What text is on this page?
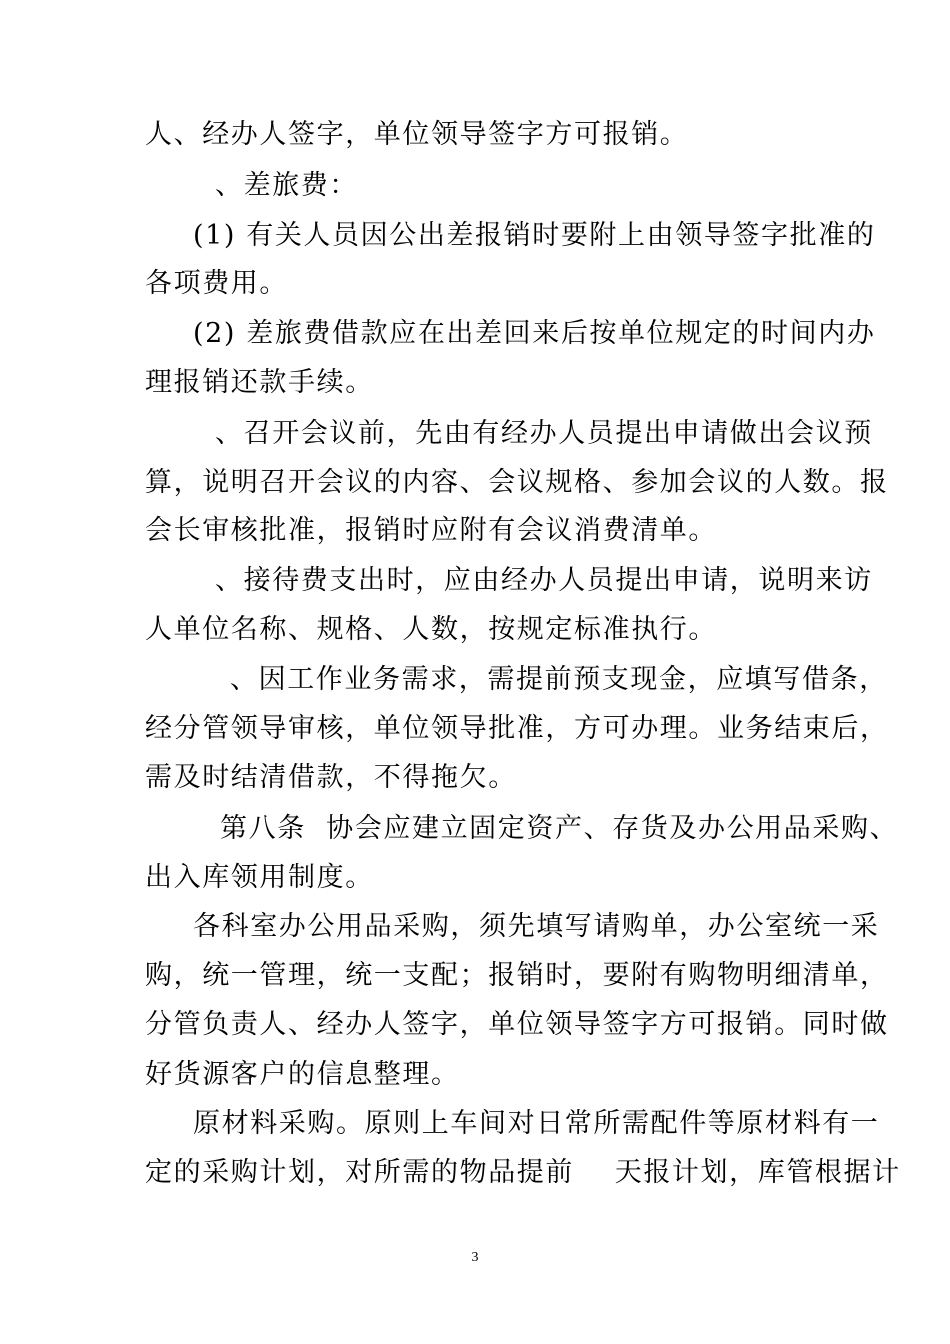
人、经办人签字，单位领导签字方可报销。
、差旅费：
(1) 有关人员因公出差报销时要附上由领导签字批准的
各项费用。
(2) 差旅费借款应在出差回来后按单位规定的时间内办
理报销还款手续。
、召开会议前，先由有经办人员提出申请做出会议预
算，说明召开会议的内容、会议规格、参加会议的人数。报
会长审核批准，报销时应附有会议消费清单。
、接待费支出时，应由经办人员提出申请，说明来访
人单位名称、规格、人数，按规定标准执行。
、因工作业务需求，需提前预支现金，应填写借条，
经分管领导审核，单位领导批准，方可办理。业务结束后，
需及时结清借款，不得拖欠。
第八条  协会应建立固定资产、存货及办公用品采购、
出入库领用制度。
各科室办公用品采购，须先填写请购单，办公室统一采
购，统一管理，统一支配；报销时，要附有购物明细清单，
分管负责人、经办人签字，单位领导签字方可报销。同时做
好货源客户的信息整理。
原材料采购。原则上车间对日常所需配件等原材料有一
定的采购计划，对所需的物品提前    天报计划，库管根据计
3
